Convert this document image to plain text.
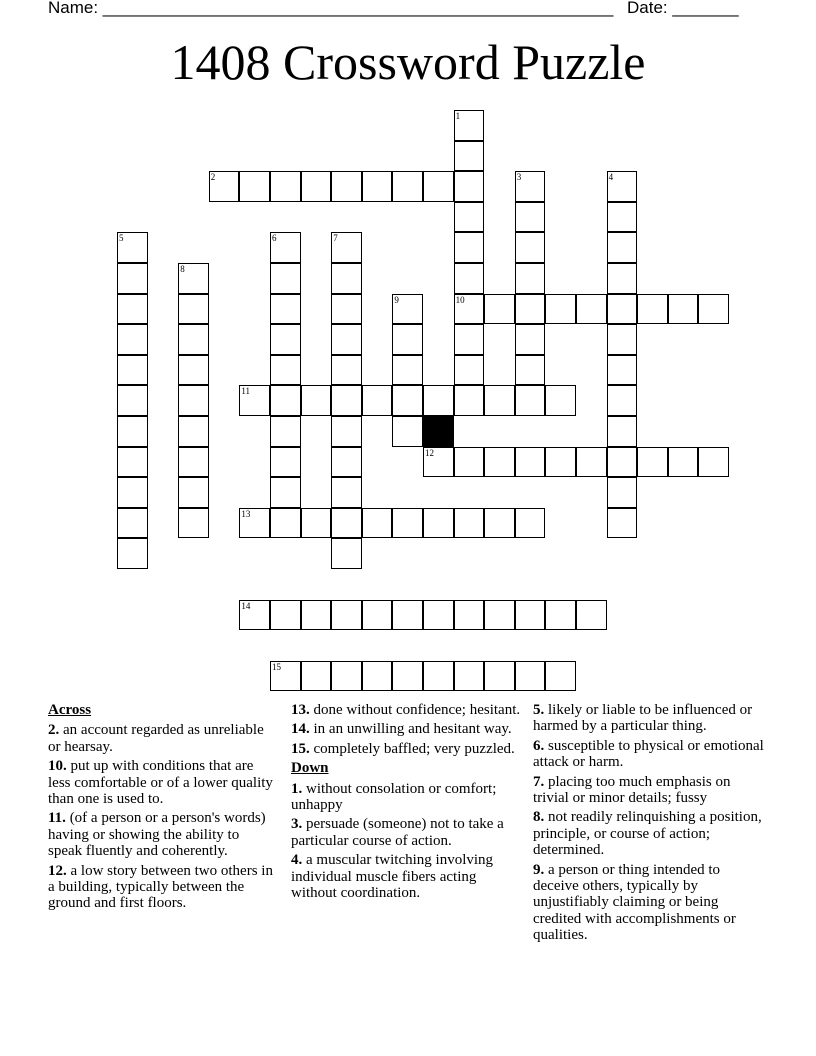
Name: ______________________________________________________ Date: _______
1408 Crossword Puzzle
2
10
11
12
13
14
15
1
3	4
5	6	7
8
9
Across
2. an account regarded as unreliable or hearsay.
10. put up with conditions that are less comfortable or of a lower quality than one is used to.
11. (of a person or a person's words) having or showing the ability to speak fluently and coherently.
12. a low story between two others in a building, typically between the ground and first floors.
13. done without confidence; hesitant.
14. in an unwilling and hesitant way.
15. completely baffled; very puzzled.
Down
1. without consolation or comfort; unhappy
3. persuade (someone) not to take a particular course of action.
4. a muscular twitching involving individual muscle fibers acting without coordination.
5. likely or liable to be influenced or harmed by a particular thing.
6. susceptible to physical or emotional attack or harm.
7. placing too much emphasis on trivial or minor details; fussy
8. not readily relinquishing a position, principle, or course of action; determined.
9. a person or thing intended to deceive others, typically by unjustifiably claiming or being credited with accomplishments or qualities.
